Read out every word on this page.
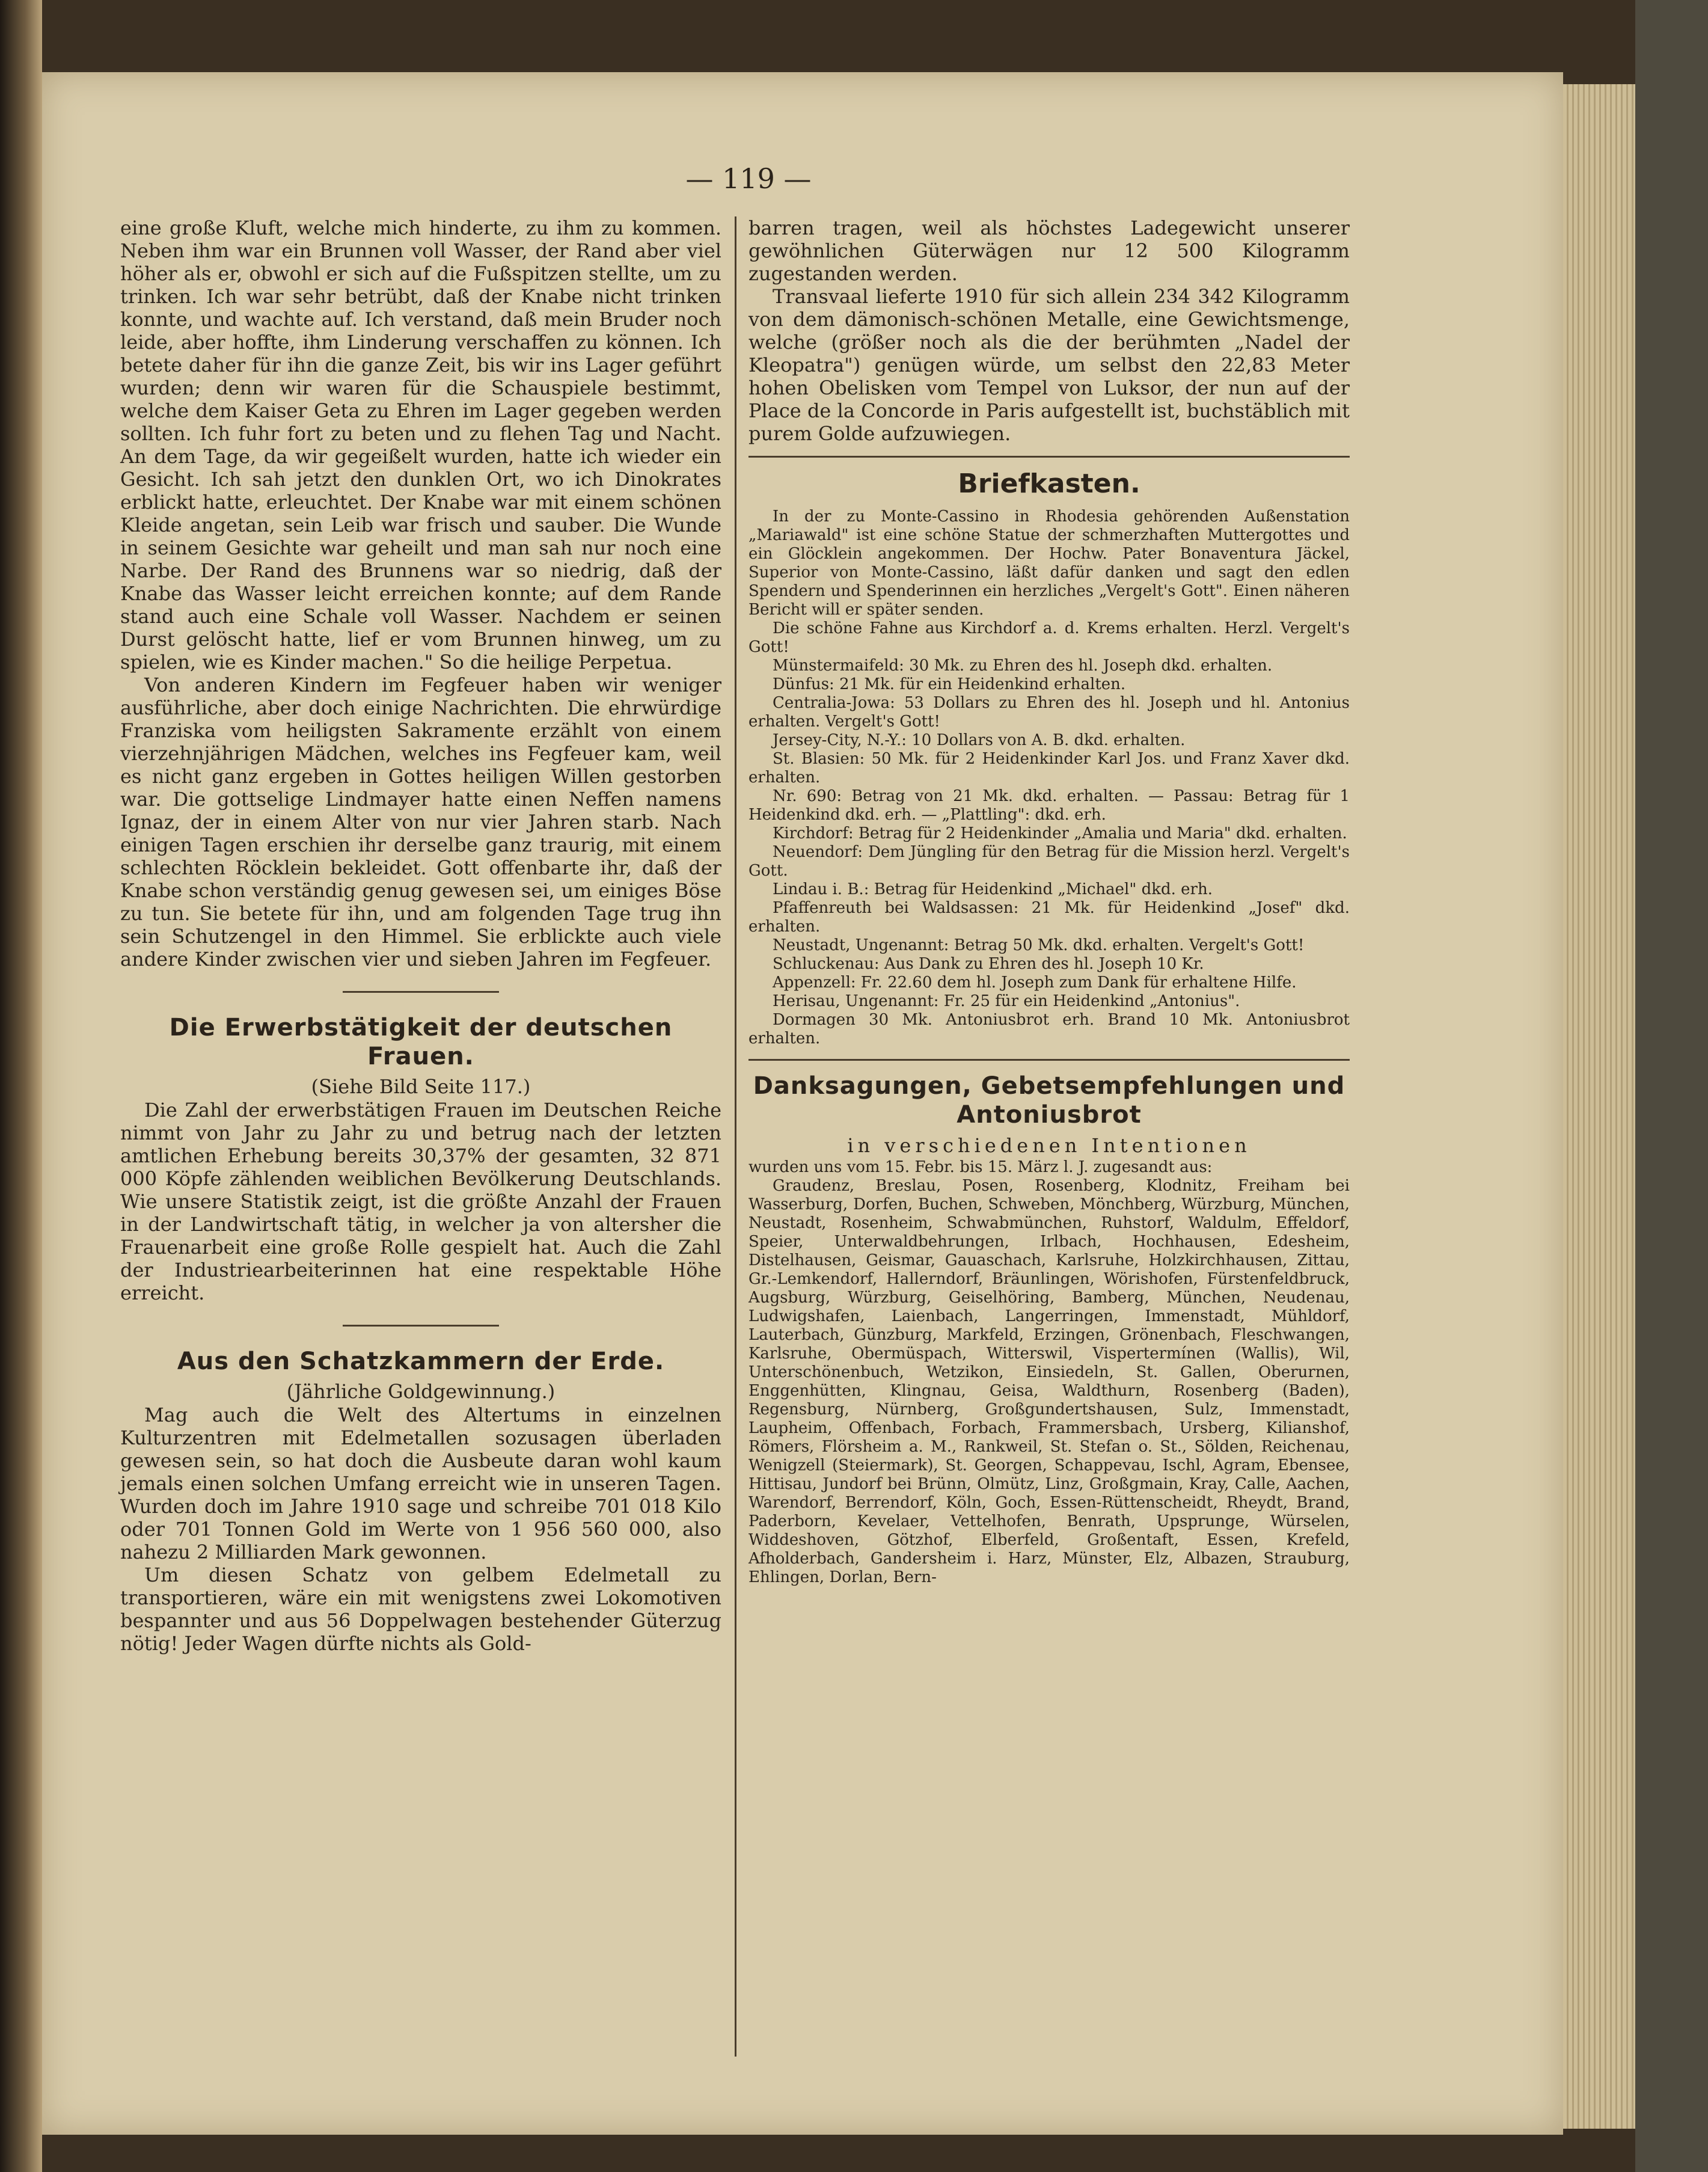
— 119 —

eine große Kluft, welche mich hinderte, zu ihm zu kommen. Neben ihm war ein Brunnen voll Wasser, der Rand aber viel höher als er, obwohl er sich auf die Fußspitzen stellte, um zu trinken. Ich war sehr betrübt, daß der Knabe nicht trinken konnte, und wachte auf. Ich verstand, daß mein Bruder noch leide, aber hoffte, ihm Linderung verschaffen zu können. Ich betete daher für ihn die ganze Zeit, bis wir ins Lager geführt wurden; denn wir waren für die Schauspiele bestimmt, welche dem Kaiser Geta zu Ehren im Lager gegeben werden sollten. Ich fuhr fort zu beten und zu flehen Tag und Nacht. An dem Tage, da wir gegeißelt wurden, hatte ich wieder ein Gesicht. Ich sah jetzt den dunklen Ort, wo ich Dinokrates erblickt hatte, erleuchtet. Der Knabe war mit einem schönen Kleide angetan, sein Leib war frisch und sauber. Die Wunde in seinem Gesichte war geheilt und man sah nur noch eine Narbe. Der Rand des Brunnens war so niedrig, daß der Knabe das Wasser leicht erreichen konnte; auf dem Rande stand auch eine Schale voll Wasser. Nachdem er seinen Durst gelöscht hatte, lief er vom Brunnen hinweg, um zu spielen, wie es Kinder machen." So die heilige Perpetua.

Von anderen Kindern im Fegfeuer haben wir weniger ausführliche, aber doch einige Nachrichten. Die ehrwürdige Franziska vom heiligsten Sakramente erzählt von einem vierzehnjährigen Mädchen, welches ins Fegfeuer kam, weil es nicht ganz ergeben in Gottes heiligen Willen gestorben war. Die gottselige Lindmayer hatte einen Neffen namens Ignaz, der in einem Alter von nur vier Jahren starb. Nach einigen Tagen erschien ihr derselbe ganz traurig, mit einem schlechten Röcklein bekleidet. Gott offenbarte ihr, daß der Knabe schon verständig genug gewesen sei, um einiges Böse zu tun. Sie betete für ihn, und am folgenden Tage trug ihn sein Schutzengel in den Himmel. Sie erblickte auch viele andere Kinder zwischen vier und sieben Jahren im Fegfeuer.

Die Erwerbstätigkeit der deutschen Frauen.
(Siehe Bild Seite 117.)

Die Zahl der erwerbstätigen Frauen im Deutschen Reiche nimmt von Jahr zu Jahr zu und betrug nach der letzten amtlichen Erhebung bereits 30,37% der gesamten, 32 871 000 Köpfe zählenden weiblichen Bevölkerung Deutschlands. Wie unsere Statistik zeigt, ist die größte Anzahl der Frauen in der Landwirtschaft tätig, in welcher ja von altersher die Frauenarbeit eine große Rolle gespielt hat. Auch die Zahl der Industriearbeiterinnen hat eine respektable Höhe erreicht.

Aus den Schatzkammern der Erde.
(Jährliche Goldgewinnung.)

Mag auch die Welt des Altertums in einzelnen Kulturzentren mit Edelmetallen sozusagen überladen gewesen sein, so hat doch die Ausbeute daran wohl kaum jemals einen solchen Umfang erreicht wie in unseren Tagen. Wurden doch im Jahre 1910 sage und schreibe 701 018 Kilo oder 701 Tonnen Gold im Werte von 1 956 560 000, also nahezu 2 Milliarden Mark gewonnen.

Um diesen Schatz von gelbem Edelmetall zu transportieren, wäre ein mit wenigstens zwei Lokomotiven bespannter und aus 56 Doppelwagen bestehender Güterzug nötig! Jeder Wagen dürfte nichts als Gold-

barren tragen, weil als höchstes Ladegewicht unserer gewöhnlichen Güterwägen nur 12 500 Kilogramm zugestanden werden.

Transvaal lieferte 1910 für sich allein 234 342 Kilogramm von dem dämonisch-schönen Metalle, eine Gewichtsmenge, welche (größer noch als die der berühmten „Nadel der Kleopatra") genügen würde, um selbst den 22,83 Meter hohen Obelisken vom Tempel von Luksor, der nun auf der Place de la Concorde in Paris aufgestellt ist, buchstäblich mit purem Golde aufzuwiegen.

Briefkasten.

In der zu Monte-Cassino in Rhodesia gehörenden Außenstation „Mariawald" ist eine schöne Statue der schmerzhaften Muttergottes und ein Glöcklein angekommen. Der Hochw. Pater Bonaventura Jäckel, Superior von Monte-Cassino, läßt dafür danken und sagt den edlen Spendern und Spenderinnen ein herzliches „Vergelt's Gott". Einen näheren Bericht will er später senden.

Die schöne Fahne aus Kirchdorf a. d. Krems erhalten. Herzl. Vergelt's Gott!

Münstermaifeld: 30 Mk. zu Ehren des hl. Joseph dkd. erhalten.

Dünfus: 21 Mk. für ein Heidenkind erhalten.

Centralia-Jowa: 53 Dollars zu Ehren des hl. Joseph und hl. Antonius erhalten. Vergelt's Gott!

Jersey-City, N.-Y.: 10 Dollars von A. B. dkd. erhalten.

St. Blasien: 50 Mk. für 2 Heidenkinder Karl Jos. und Franz Xaver dkd. erhalten.

Nr. 690: Betrag von 21 Mk. dkd. erhalten. — Passau: Betrag für 1 Heidenkind dkd. erh. — „Plattling": dkd. erh.

Kirchdorf: Betrag für 2 Heidenkinder „Amalia und Maria" dkd. erhalten.

Neuendorf: Dem Jüngling für den Betrag für die Mission herzl. Vergelt's Gott.

Lindau i. B.: Betrag für Heidenkind „Michael" dkd. erh.

Pfaffenreuth bei Waldsassen: 21 Mk. für Heidenkind „Josef" dkd. erhalten.

Neustadt, Ungenannt: Betrag 50 Mk. dkd. erhalten. Vergelt's Gott!

Schluckenau: Aus Dank zu Ehren des hl. Joseph 10 Kr.

Appenzell: Fr. 22.60 dem hl. Joseph zum Dank für erhaltene Hilfe.

Herisau, Ungenannt: Fr. 25 für ein Heidenkind „Antonius".

Dormagen 30 Mk. Antoniusbrot erh. Brand 10 Mk. Antoniusbrot erhalten.

Danksagungen, Gebetsempfehlungen und Antoniusbrot
in verschiedenen Intentionen

wurden uns vom 15. Febr. bis 15. März l. J. zugesandt aus:

Graudenz, Breslau, Posen, Rosenberg, Klodnitz, Freiham bei Wasserburg, Dorfen, Buchen, Schweben, Mönchberg, Würzburg, München, Neustadt, Rosenheim, Schwabmünchen, Ruhstorf, Waldulm, Effeldorf, Speier, Unterwaldbehrungen, Irlbach, Hochhausen, Edesheim, Distelhausen, Geismar, Gauaschach, Karlsruhe, Holzkirchhausen, Zittau, Gr.-Lemkendorf, Hallerndorf, Bräunlingen, Wörishofen, Fürstenfeldbruck, Augsburg, Würzburg, Geiselhöring, Bamberg, München, Neudenau, Ludwigshafen, Laienbach, Langerringen, Immenstadt, Mühldorf, Lauterbach, Günzburg, Markfeld, Erzingen, Grönenbach, Fleschwangen, Karlsruhe, Obermüspach, Witterswil, Vispertermínen (Wallis), Wil, Unterschönenbuch, Wetzikon, Einsiedeln, St. Gallen, Oberurnen, Enggenhütten, Klingnau, Geisa, Waldthurn, Rosenberg (Baden), Regensburg, Nürnberg, Großgundertshausen, Sulz, Immenstadt, Laupheim, Offenbach, Forbach, Frammersbach, Ursberg, Kilianshof, Römers, Flörsheim a. M., Rankweil, St. Stefan o. St., Sölden, Reichenau, Wenigzell (Steiermark), St. Georgen, Schappevau, Ischl, Agram, Ebensee, Hittisau, Jundorf bei Brünn, Olmütz, Linz, Großgmain, Kray, Calle, Aachen, Warendorf, Berrendorf, Köln, Goch, Essen-Rüttenscheidt, Rheydt, Brand, Paderborn, Kevelaer, Vettelhofen, Benrath, Upsprunge, Würselen, Widdeshoven, Götzhof, Elberfeld, Großentaft, Essen, Krefeld, Afholderbach, Gandersheim i. Harz, Münster, Elz, Albazen, Strauburg, Ehlingen, Dorlan, Bern-
